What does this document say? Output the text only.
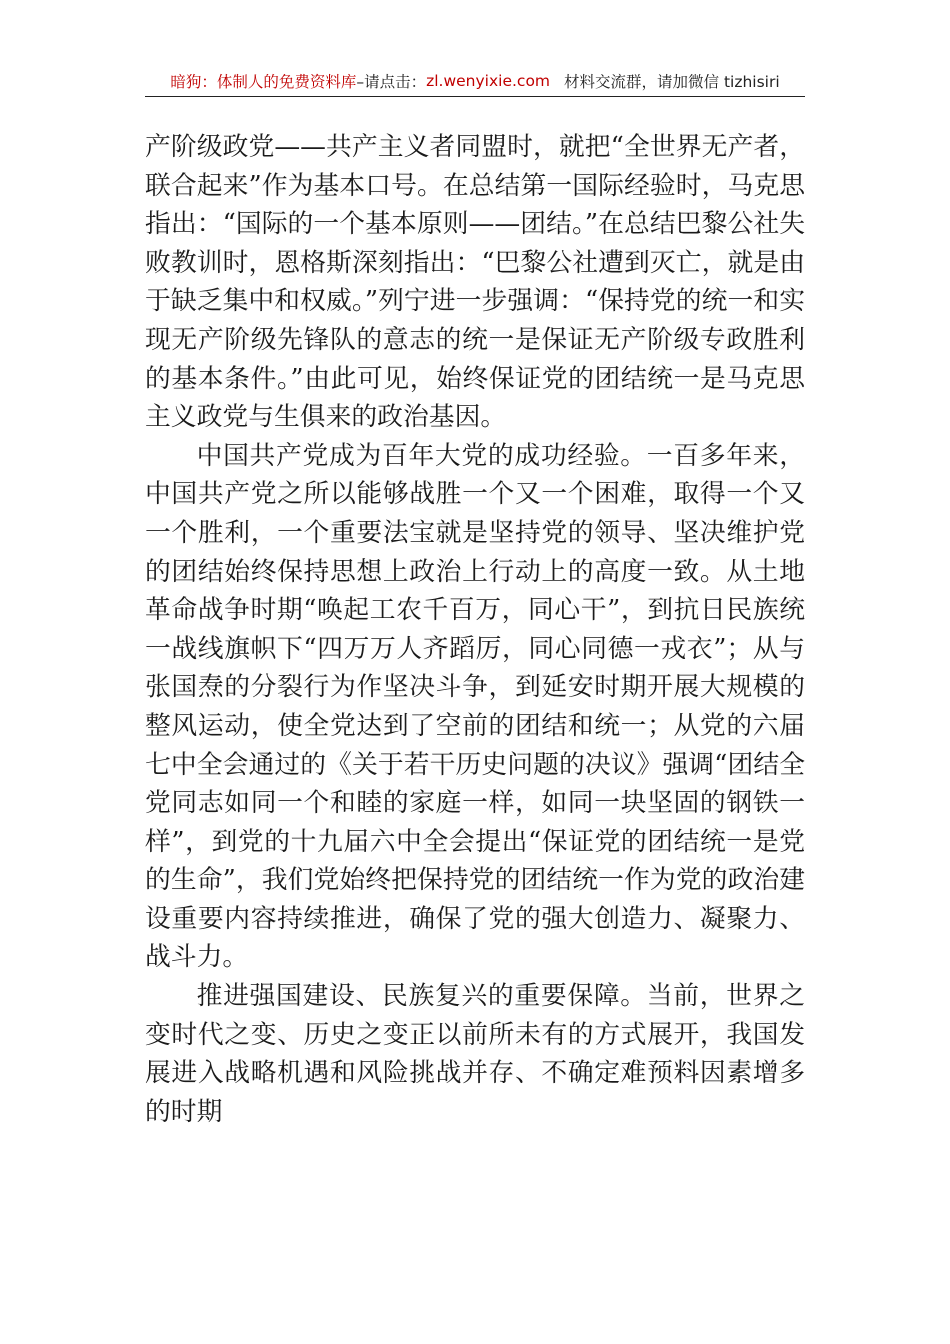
暗狗：体制人的免费资料库 –请点击： zl.wenyixie.com 材料交流群，请加微信 tizhisiri

产阶级政党——共产主义者同盟时，就把“全世界无产者，联合起来”作为基本口号。在总结第一国际经验时，马克思指出：“国际的一个基本原则——团结。”在总结巴黎公社失败教训时，恩格斯深刻指出：“巴黎公社遭到灭亡，就是由于缺乏集中和权威。”列宁进一步强调：“保持党的统一和实现无产阶级先锋队的意志的统一是保证无产阶级专政胜利的基本条件。”由此可见，始终保证党的团结统一是马克思主义政党与生俱来的政治基因。

中国共产党成为百年大党的成功经验。一百多年来，中国共产党之所以能够战胜一个又一个困难，取得一个又一个胜利，一个重要法宝就是坚持党的领导、坚决维护党的团结始终保持思想上政治上行动上的高度一致。从土地革命战争时期“唤起工农千百万，同心干”，到抗日民族统一战线旗帜下“四万万人齐蹈厉，同心同德一戎衣”；从与张国焘的分裂行为作坚决斗争，到延安时期开展大规模的整风运动，使全党达到了空前的团结和统一；从党的六届七中全会通过的《关于若干历史问题的决议》强调“团结全党同志如同一个和睦的家庭一样，如同一块坚固的钢铁一样”，到党的十九届六中全会提出“保证党的团结统一是党的生命”，我们党始终把保持党的团结统一作为党的政治建设重要内容持续推进，确保了党的强大创造力、凝聚力、战斗力。

推进强国建设、民族复兴的重要保障。当前，世界之变时代之变、历史之变正以前所未有的方式展开，我国发展进入战略机遇和风险挑战并存、不确定难预料因素增多的时期
